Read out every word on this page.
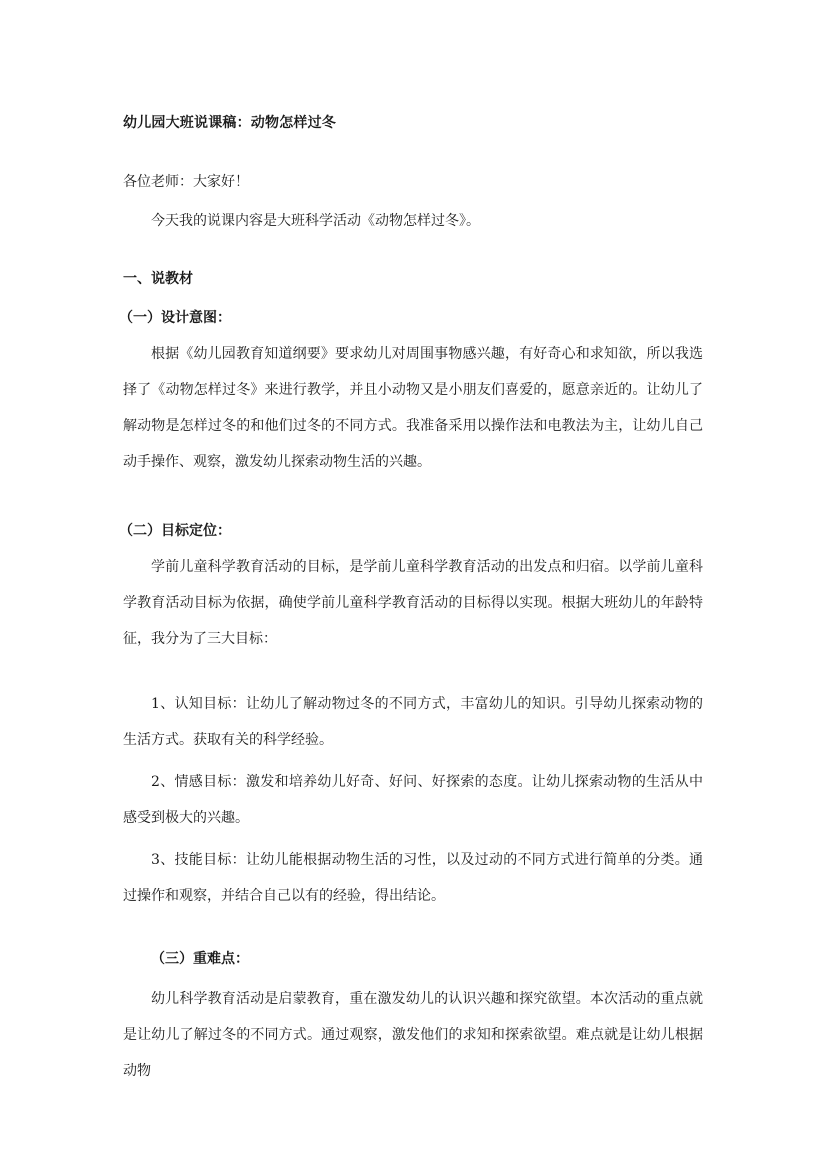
幼儿园大班说课稿：动物怎样过冬
各位老师：大家好！
今天我的说课内容是大班科学活动《动物怎样过冬》。
一、说教材
（一）设计意图：
根据《幼儿园教育知道纲要》要求幼儿对周围事物感兴趣，有好奇心和求知欲，所以我选择了《动物怎样过冬》来进行教学，并且小动物又是小朋友们喜爱的，愿意亲近的。让幼儿了解动物是怎样过冬的和他们过冬的不同方式。我准备采用以操作法和电教法为主，让幼儿自己动手操作、观察，激发幼儿探索动物生活的兴趣。
（二）目标定位：
学前儿童科学教育活动的目标，是学前儿童科学教育活动的出发点和归宿。以学前儿童科学教育活动目标为依据，确使学前儿童科学教育活动的目标得以实现。根据大班幼儿的年龄特征，我分为了三大目标：
1、认知目标：让幼儿了解动物过冬的不同方式，丰富幼儿的知识。引导幼儿探索动物的生活方式。获取有关的科学经验。
2、情感目标：激发和培养幼儿好奇、好问、好探索的态度。让幼儿探索动物的生活从中感受到极大的兴趣。
3、技能目标：让幼儿能根据动物生活的习性，以及过动的不同方式进行简单的分类。通过操作和观察，并结合自己以有的经验，得出结论。
（三）重难点：
幼儿科学教育活动是启蒙教育，重在激发幼儿的认识兴趣和探究欲望。本次活动的重点就是让幼儿了解过冬的不同方式。通过观察，激发他们的求知和探索欲望。难点就是让幼儿根据动物
